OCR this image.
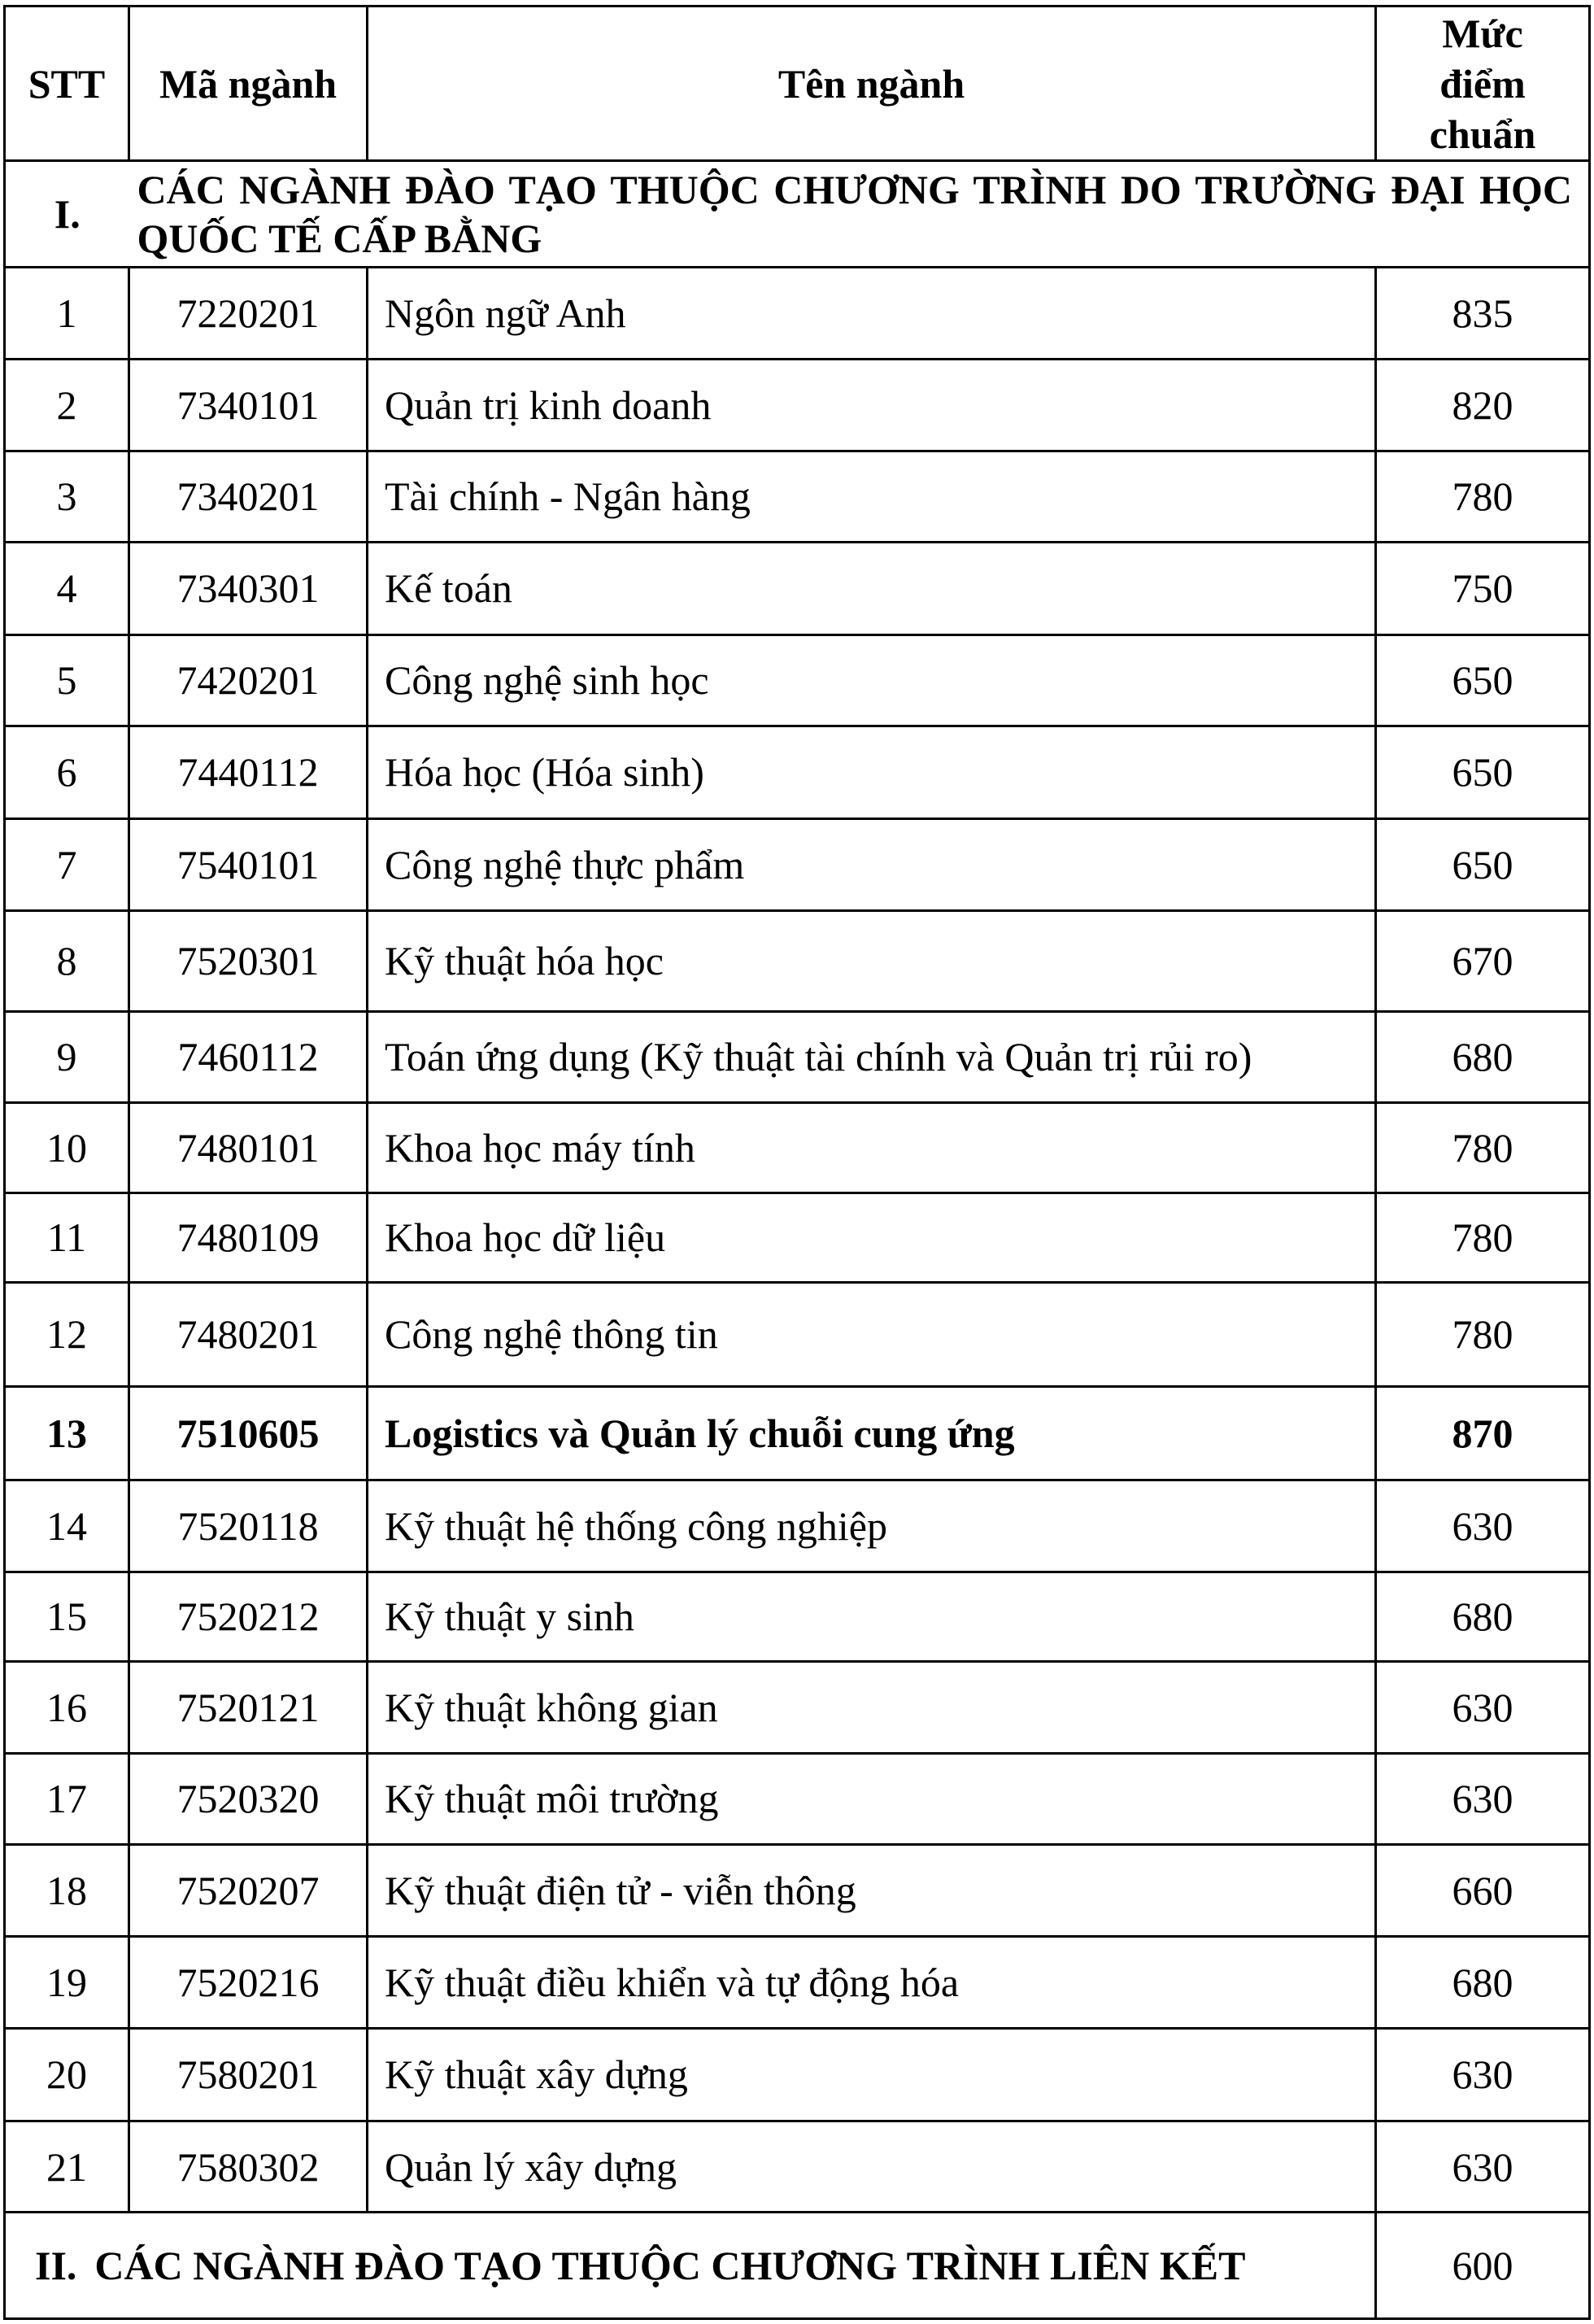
STT	Mã ngành	Tên ngành	Mức
điểm
chuẩn

I.	CÁC NGÀNH ĐÀO TẠO THUỘC CHƯƠNG TRÌNH DO TRƯỜNG ĐẠI HỌC QUỐC TẾ CẤP BẰNG		
1	7220201	Ngôn ngữ Anh	835
2	7340101	Quản trị kinh doanh	820
3	7340201	Tài chính - Ngân hàng	780
4	7340301	Kế toán	750
5	7420201	Công nghệ sinh học	650
6	7440112	Hóa học (Hóa sinh)	650
7	7540101	Công nghệ thực phẩm	650
8	7520301	Kỹ thuật hóa học	670
9	7460112	Toán ứng dụng (Kỹ thuật tài chính và Quản trị rủi ro)	680
10	7480101	Khoa học máy tính	780
11	7480109	Khoa học dữ liệu	780
12	7480201	Công nghệ thông tin	780
13	7510605	Logistics và Quản lý chuỗi cung ứng	870
14	7520118	Kỹ thuật hệ thống công nghiệp	630
15	7520212	Kỹ thuật y sinh	680
16	7520121	Kỹ thuật không gian	630
17	7520320	Kỹ thuật môi trường	630
18	7520207	Kỹ thuật điện tử - viễn thông	660
19	7520216	Kỹ thuật điều khiển và tự động hóa	680
20	7580201	Kỹ thuật xây dựng	630
21	7580302	Quản lý xây dựng	630
II. CÁC NGÀNH ĐÀO TẠO THUỘC CHƯƠNG TRÌNH LIÊN KẾT			600
